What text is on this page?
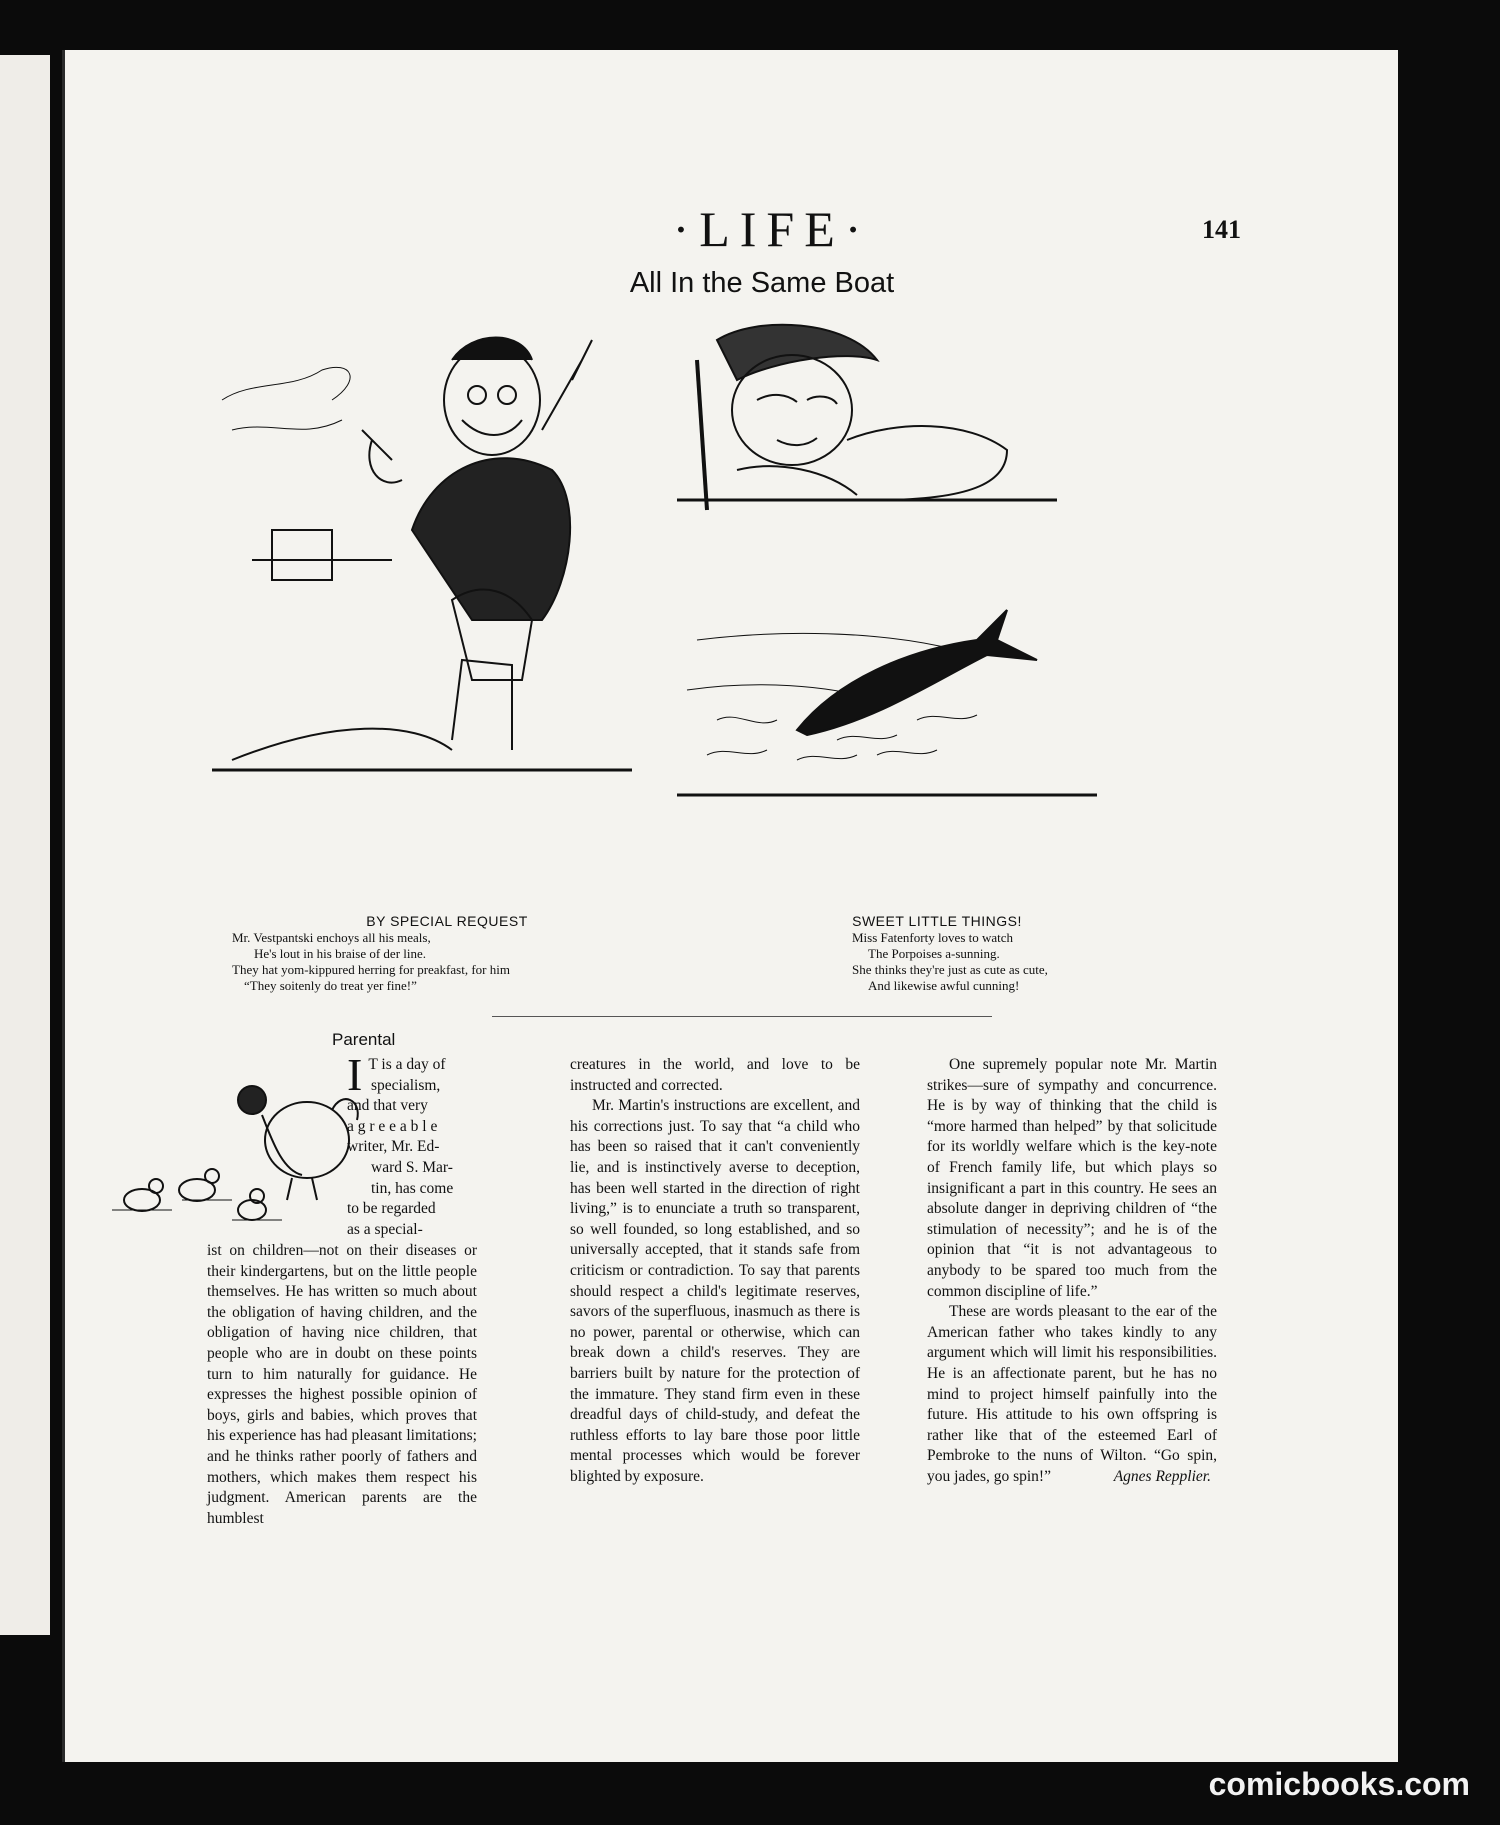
·LIFE·	141
All In the Same Boat
BY SPECIAL REQUEST
Mr. Vestpantski enchoys all his meals,
He's lout in his braise of der line.
They hat yom-kippured herring for preakfast, for him
“They soitenly do treat yer fine!”
SWEET LITTLE THINGS!
Miss Fatenforty loves to watch
The Porpoises a-sunning.
She thinks they're just as cute as cute,
And likewise awful cunning!
Parental
I T is a day of
specialism,
and that very
a g r e e a b l e
writer, Mr. Ed-
ward S. Mar-
tin, has come
to be regarded
as a special-
ist on children—not on their diseases or their kindergartens, but on the little people themselves. He has written so much about the obligation of having children, and the obligation of having nice children, that people who are in doubt on these points turn to him naturally for guidance. He expresses the highest possible opinion of boys, girls and babies, which proves that his experience has had pleasant limitations; and he thinks rather poorly of fathers and mothers, which makes them respect his judgment. American parents are the humblest
creatures in the world, and love to be instructed and corrected.

Mr. Martin's instructions are excellent, and his corrections just. To say that “a child who has been so raised that it can't conveniently lie, and is instinctively averse to deception, has been well started in the direction of right living,” is to enunciate a truth so transparent, so well founded, so long established, and so universally accepted, that it stands safe from criticism or contradiction. To say that parents should respect a child's legitimate reserves, savors of the superfluous, inasmuch as there is no power, parental or otherwise, which can break down a child's reserves. They are barriers built by nature for the protection of the immature. They stand firm even in these dreadful days of child-study, and defeat the ruthless efforts to lay bare those poor little mental processes which would be forever blighted by exposure.

One supremely popular note Mr. Martin strikes—sure of sympathy and concurrence. He is by way of thinking that the child is “more harmed than helped” by that solicitude for its worldly welfare which is the key-note of French family life, but which plays so insignificant a part in this country. He sees an absolute danger in depriving children of “the stimulation of necessity”; and he is of the opinion that “it is not advantageous to anybody to be spared too much from the common discipline of life.”

These are words pleasant to the ear of the American father who takes kindly to any argument which will limit his responsibilities. He is an affectionate parent, but he has no mind to project himself painfully into the future. His attitude to his own offspring is rather like that of the esteemed Earl of Pembroke to the nuns of Wilton. “Go spin, you jades, go spin!”	Agnes Repplier.

comicbooks.com
